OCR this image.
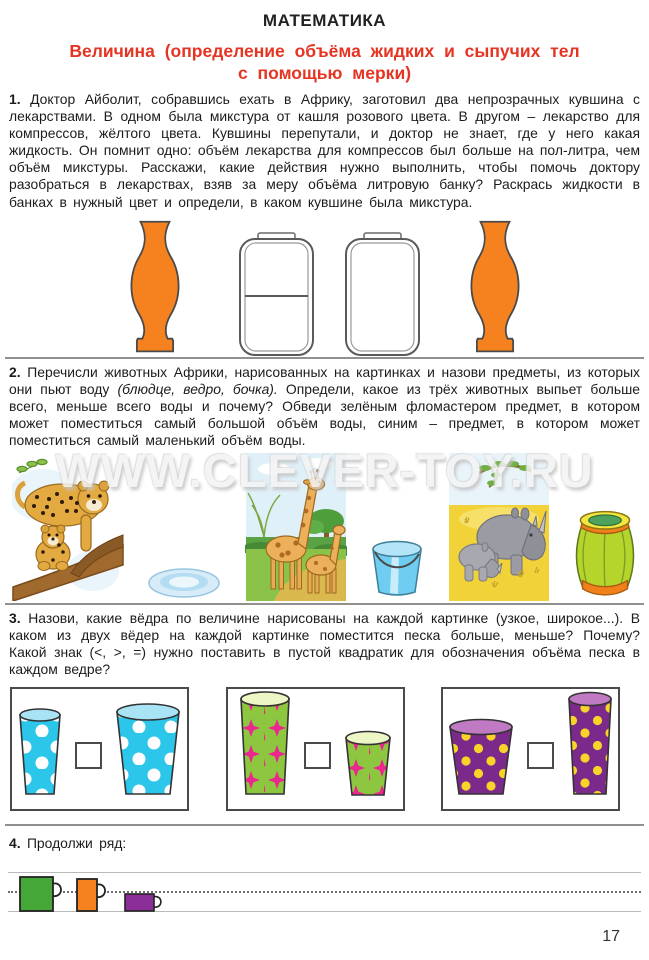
МАТЕМАТИКА
Величина (определение объёма жидких и сыпучих тел
с помощью мерки)

1. Доктор Айболит, собравшись ехать в Африку, заготовил два непрозрачных кувшина с лекарствами. В одном была микстура от кашля розового цвета. В другом – лекарство для компрессов, жёлтого цвета. Кувшины перепутали, и доктор не знает, где у него какая жидкость. Он помнит одно: объём лекарства для компрессов был больше на пол-литра, чем объём микстуры. Расскажи, какие действия нужно выполнить, чтобы помочь доктору разобраться в лекарствах, взяв за меру объёма литровую банку? Раскрась жидкости в банках в нужный цвет и определи, в каком кувшине была микстура.

2. Перечисли животных Африки, нарисованных на картинках и назови предметы, из которых они пьют воду (блюдце, ведро, бочка). Определи, какое из трёх животных выпьет больше всего, меньше всего воды и почему? Обведи зелёным фломастером предмет, в котором может поместиться самый большой объём воды, синим – предмет, в котором может поместиться самый маленький объём воды.

WWW.CLEVER-TOY.RU

3. Назови, какие вёдра по величине нарисованы на каждой картинке (узкое, широкое...). В каком из двух вёдер на каждой картинке поместится песка больше, меньше? Почему? Какой знак (<, >, =) нужно поставить в пустой квадратик для обозначения объёма песка в каждом ведре?

4. Продолжи ряд:

17
